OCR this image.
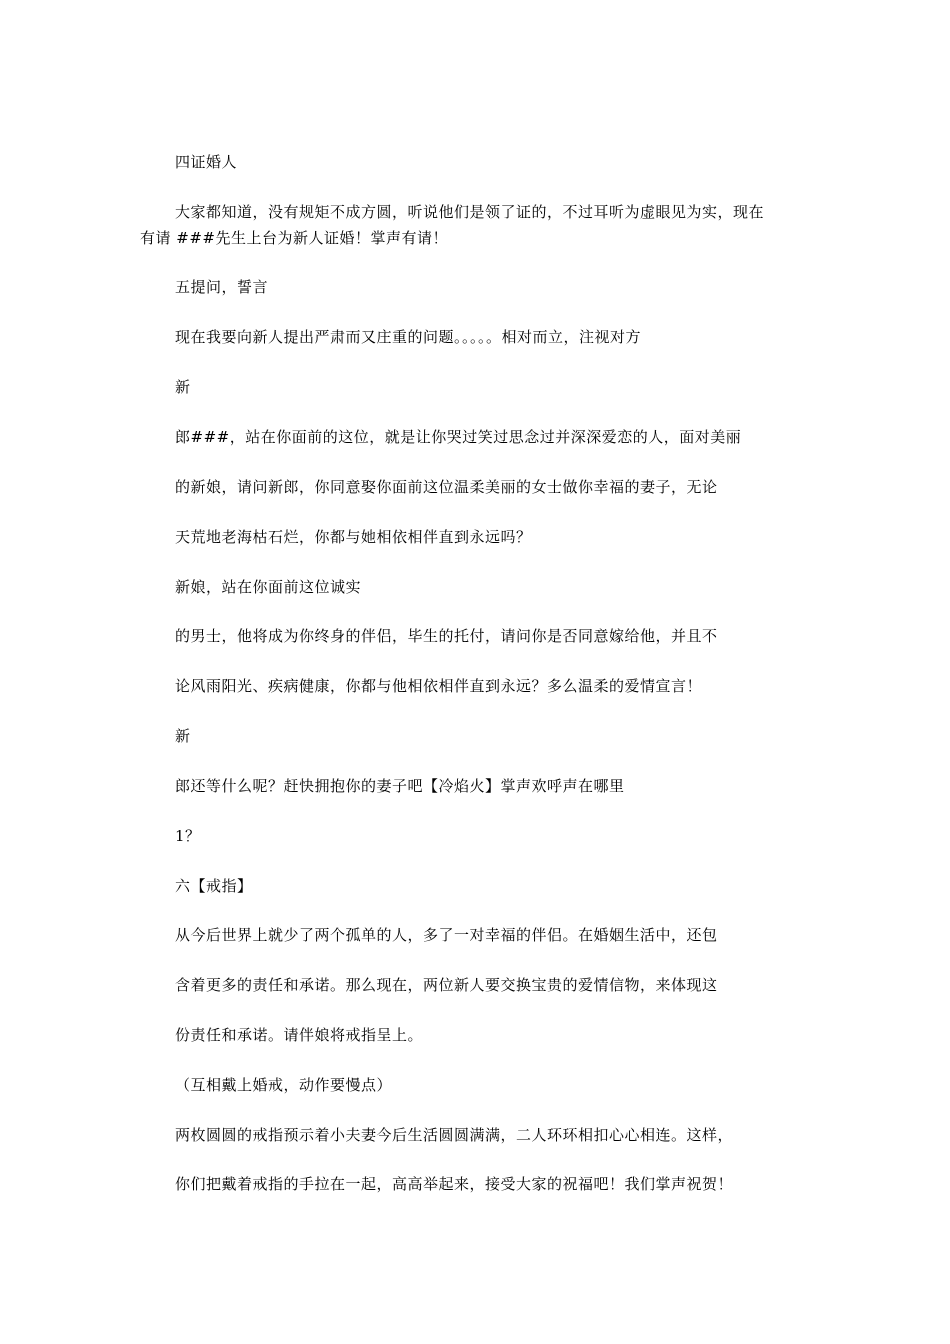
四证婚人
大家都知道，没有规矩不成方圆，听说他们是领了证的，不过耳听为虚眼见为实，现在
有请 ###先生上台为新人证婚！掌声有请！
五提问，誓言
现在我要向新人提出严肃而又庄重的问题。。。。。相对而立，注视对方
新
郎###，站在你面前的这位，就是让你哭过笑过思念过并深深爱恋的人，面对美丽
的新娘，请问新郎，你同意娶你面前这位温柔美丽的女士做你幸福的妻子，无论
天荒地老海枯石烂，你都与她相依相伴直到永远吗？
新娘，站在你面前这位诚实
的男士，他将成为你终身的伴侣，毕生的托付，请问你是否同意嫁给他，并且不
论风雨阳光、疾病健康，你都与他相依相伴直到永远？多么温柔的爱情宣言！
新
郎还等什么呢？赶快拥抱你的妻子吧【冷焰火】掌声欢呼声在哪里
1？
六【戒指】
从今后世界上就少了两个孤单的人，多了一对幸福的伴侣。在婚姻生活中，还包
含着更多的责任和承诺。那么现在，两位新人要交换宝贵的爱情信物，来体现这
份责任和承诺。请伴娘将戒指呈上。
（互相戴上婚戒，动作要慢点）
两枚圆圆的戒指预示着小夫妻今后生活圆圆满满，二人环环相扣心心相连。这样，
你们把戴着戒指的手拉在一起，高高举起来，接受大家的祝福吧！我们掌声祝贺！
